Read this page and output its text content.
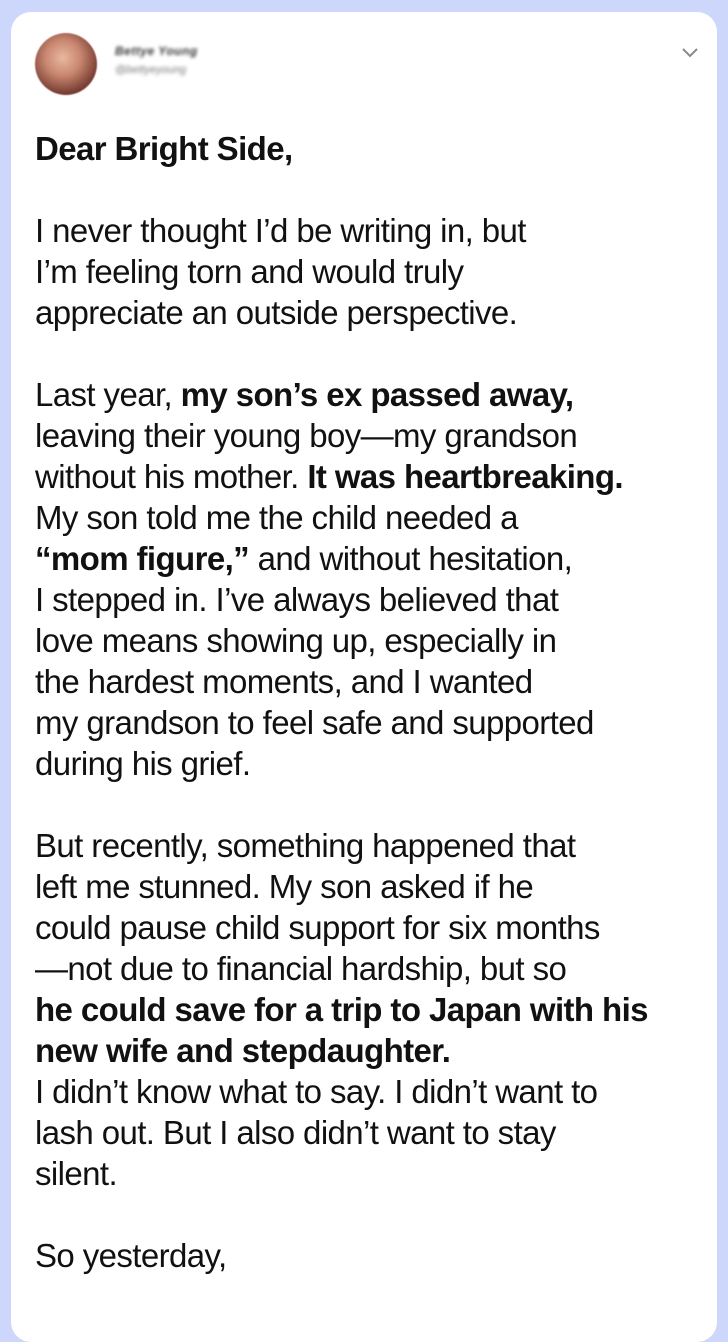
Bettye Young
@bettyeyoung

Dear Bright Side,

I never thought I’d be writing in, but

I’m feeling torn and would truly

appreciate an outside perspective.

Last year, my son’s ex passed away,

leaving their young boy—my grandson

without his mother. It was heartbreaking.

My son told me the child needed a

“mom figure,” and without hesitation,

I stepped in. I’ve always believed that

love means showing up, especially in

the hardest moments, and I wanted

my grandson to feel safe and supported

during his grief.

But recently, something happened that

left me stunned. My son asked if he

could pause child support for six months

—not due to financial hardship, but so

he could save for a trip to Japan with his

new wife and stepdaughter.

I didn’t know what to say. I didn’t want to

lash out. But I also didn’t want to stay

silent.

So yesterday,
